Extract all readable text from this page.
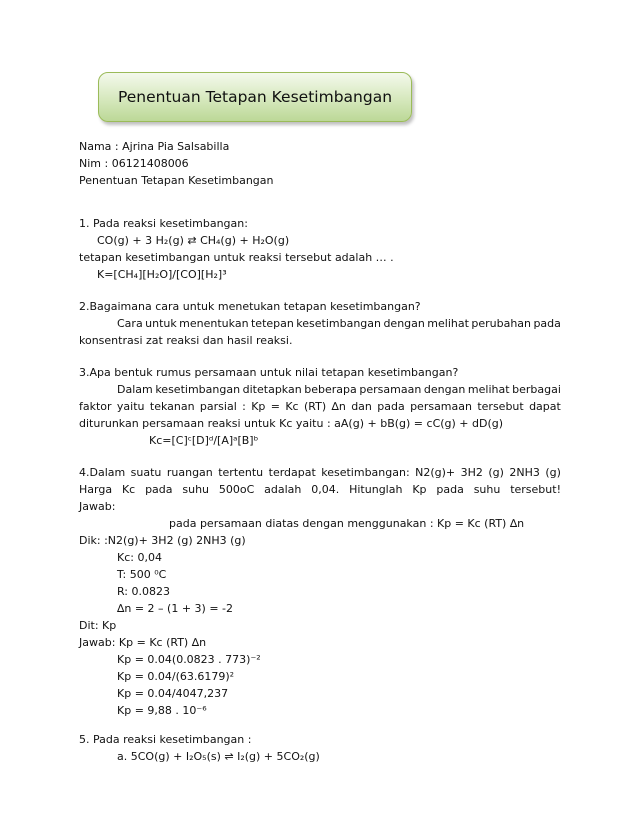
Penentuan Tetapan Kesetimbangan
Nama : Ajrina Pia Salsabilla
Nim : 06121408006
Penentuan Tetapan Kesetimbangan
1. Pada reaksi kesetimbangan:
CO(g) + 3 H₂(g) ⇄ CH₄(g) + H₂O(g)
tetapan kesetimbangan untuk reaksi tersebut adalah … .
K=[CH₄][H₂O]/[CO][H₂]³
2.Bagaimana cara untuk menetukan tetapan kesetimbangan?
Cara untuk menentukan tetepan kesetimbangan dengan melihat perubahan pada
konsentrasi zat reaksi dan hasil reaksi.
3.Apa bentuk rumus persamaan untuk nilai tetapan kesetimbangan?
Dalam kesetimbangan ditetapkan beberapa persamaan dengan melihat berbagai
faktor yaitu tekanan parsial : Kp = Kc (RT) ∆n dan pada persamaan tersebut dapat
diturunkan persamaan reaksi untuk Kc yaitu : aA(g) + bB(g) = cC(g) + dD(g)
Kc=[C]ᶜ[D]ᵈ/[A]ᵃ[B]ᵇ
4.Dalam suatu ruangan tertentu terdapat kesetimbangan: N2(g)+ 3H2 (g) 2NH3 (g)
Harga Kc pada suhu 500oC adalah 0,04. Hitunglah Kp pada suhu tersebut!
Jawab:
pada persamaan diatas dengan menggunakan : Kp = Kc (RT) ∆n
Dik: :N2(g)+ 3H2 (g) 2NH3 (g)
Kc: 0,04
T: 500 ⁰C
R: 0.0823
∆n = 2 – (1 + 3) = -2
Dit: Kp
Jawab: Kp = Kc (RT) ∆n
Kp = 0.04(0.0823 . 773)⁻²
Kp = 0.04/(63.6179)²
Kp = 0.04/4047,237
Kp = 9,88 . 10⁻⁶
5. Pada reaksi kesetimbangan :
a. 5CO(g) + I₂O₅(s) ⇌ I₂(g) + 5CO₂(g)
